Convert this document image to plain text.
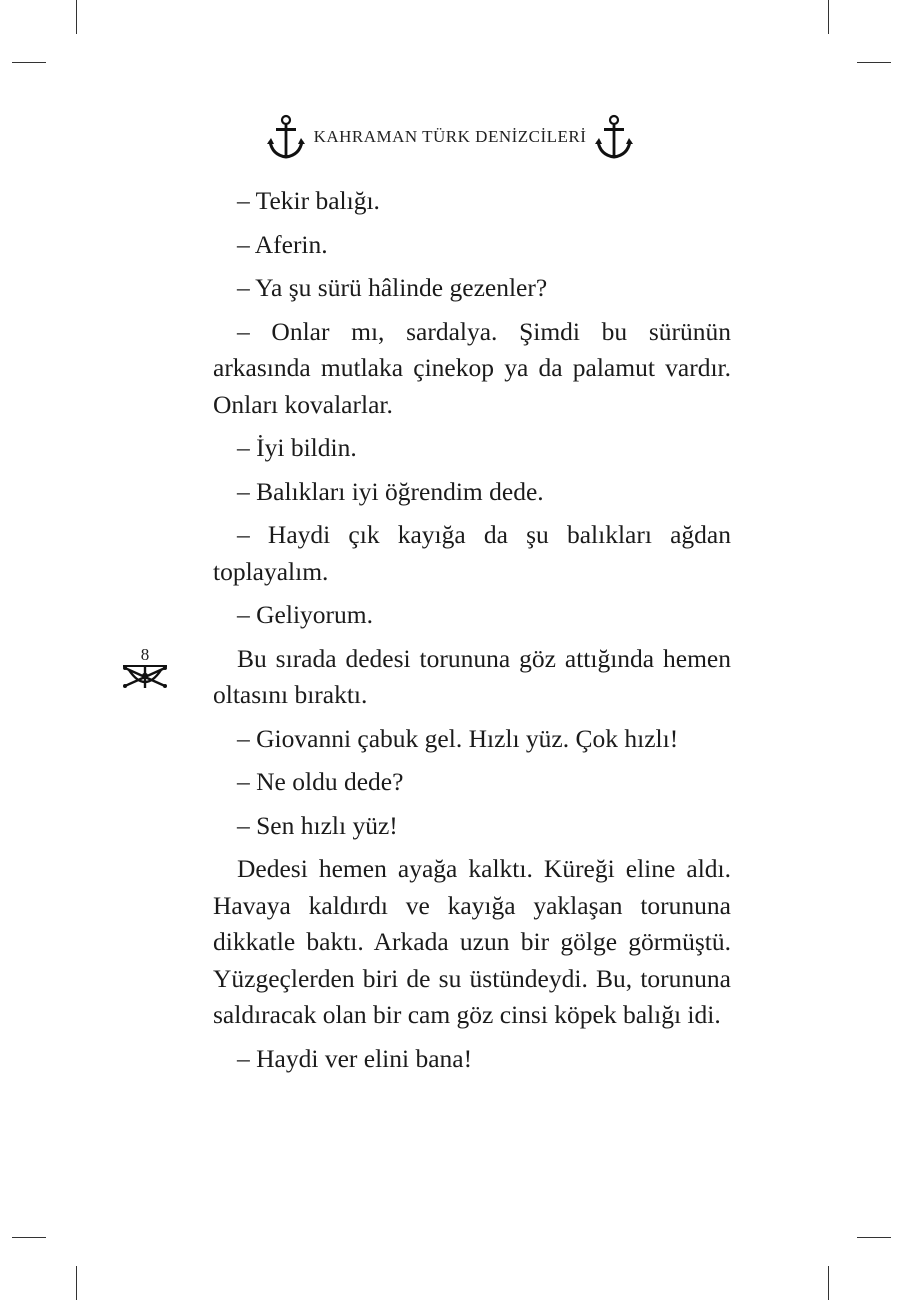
KAHRAMAN TÜRK DENİZCİLERİ
8

– Tekir balığı.

– Aferin.

– Ya şu sürü hâlinde gezenler?

– Onlar mı, sardalya. Şimdi bu sürünün arkasında mutlaka çinekop ya da palamut vardır. Onları kovalarlar.

– İyi bildin.

– Balıkları iyi öğrendim dede.

– Haydi çık kayığa da şu balıkları ağdan toplayalım.

– Geliyorum.

Bu sırada dedesi torununa göz attığında hemen oltasını bıraktı.

– Giovanni çabuk gel. Hızlı yüz. Çok hızlı!

– Ne oldu dede?

– Sen hızlı yüz!

Dedesi hemen ayağa kalktı. Küreği eline aldı. Havaya kaldırdı ve kayığa yaklaşan torununa dikkatle baktı. Arkada uzun bir gölge görmüştü. Yüzgeçlerden biri de su üstündeydi. Bu, torununa saldıracak olan bir cam göz cinsi köpek balığı idi.

– Haydi ver elini bana!
